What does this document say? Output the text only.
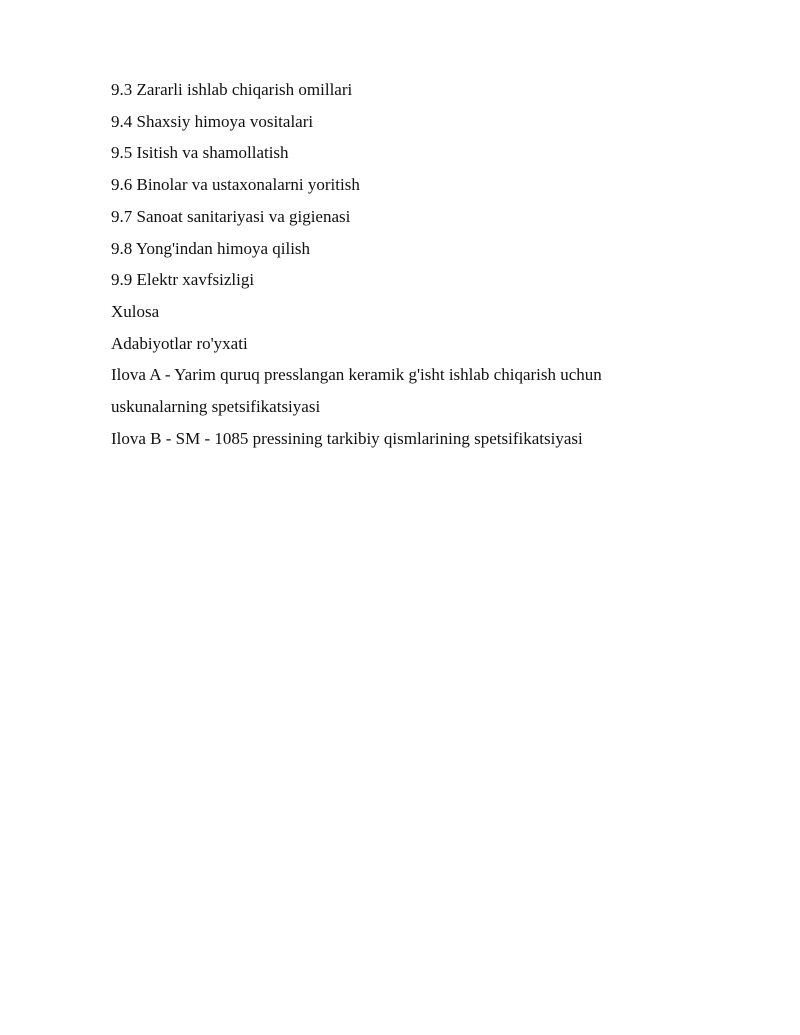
9.3 Zararli ishlab chiqarish omillari
9.4 Shaxsiy himoya vositalari
9.5 Isitish va shamollatish
9.6 Binolar va ustaxonalarni yoritish
9.7 Sanoat sanitariyasi va gigienasi
9.8 Yong'indan himoya qilish
9.9 Elektr xavfsizligi
Xulosa
Adabiyotlar ro'yxati
Ilova A - Yarim quruq presslangan keramik g'isht ishlab chiqarish uchun
uskunalarning spetsifikatsiyasi
Ilova B - SM - 1085 pressining tarkibiy qismlarining spetsifikatsiyasi
